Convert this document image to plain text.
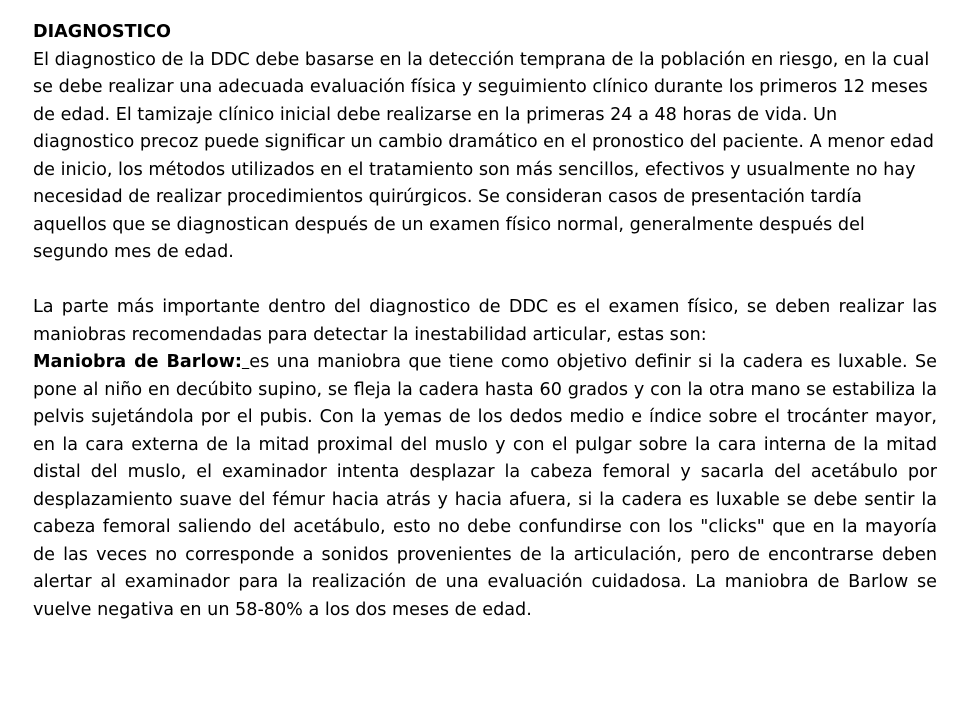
DIAGNOSTICO

El diagnostico de la DDC debe basarse en la detección temprana de la población en riesgo, en la cual se debe realizar una adecuada evaluación física y seguimiento clínico durante los primeros 12 meses de edad. El tamizaje clínico inicial debe realizarse en la primeras 24 a 48 horas de vida. Un diagnostico precoz puede significar un cambio dramático en el pronostico del paciente. A menor edad de inicio, los métodos utilizados en el tratamiento son más sencillos, efectivos y usualmente no hay necesidad de realizar procedimientos quirúrgicos. Se consideran casos de presentación tardía aquellos que se diagnostican después de un examen físico normal, generalmente después del segundo mes de edad.

La parte más importante dentro del diagnostico de DDC es el examen físico, se deben realizar las maniobras recomendadas para detectar la inestabilidad articular, estas son:

Maniobra de Barlow: es una maniobra que tiene como objetivo definir si la cadera es luxable. Se pone al niño en decúbito supino, se fleja la cadera hasta 60 grados y con la otra mano se estabiliza la pelvis sujetándola por el pubis. Con la yemas de los dedos medio e índice sobre el trocánter mayor, en la cara externa de la mitad proximal del muslo y con el pulgar sobre la cara interna de la mitad distal del muslo, el examinador intenta desplazar la cabeza femoral y sacarla del acetábulo por desplazamiento suave del fémur hacia atrás y hacia afuera, si la cadera es luxable se debe sentir la cabeza femoral saliendo del acetábulo, esto no debe confundirse con los "clicks" que en la mayoría de las veces no corresponde a sonidos provenientes de la articulación, pero de encontrarse deben alertar al examinador para la realización de una evaluación cuidadosa. La maniobra de Barlow se vuelve negativa en un 58-80% a los dos meses de edad.
